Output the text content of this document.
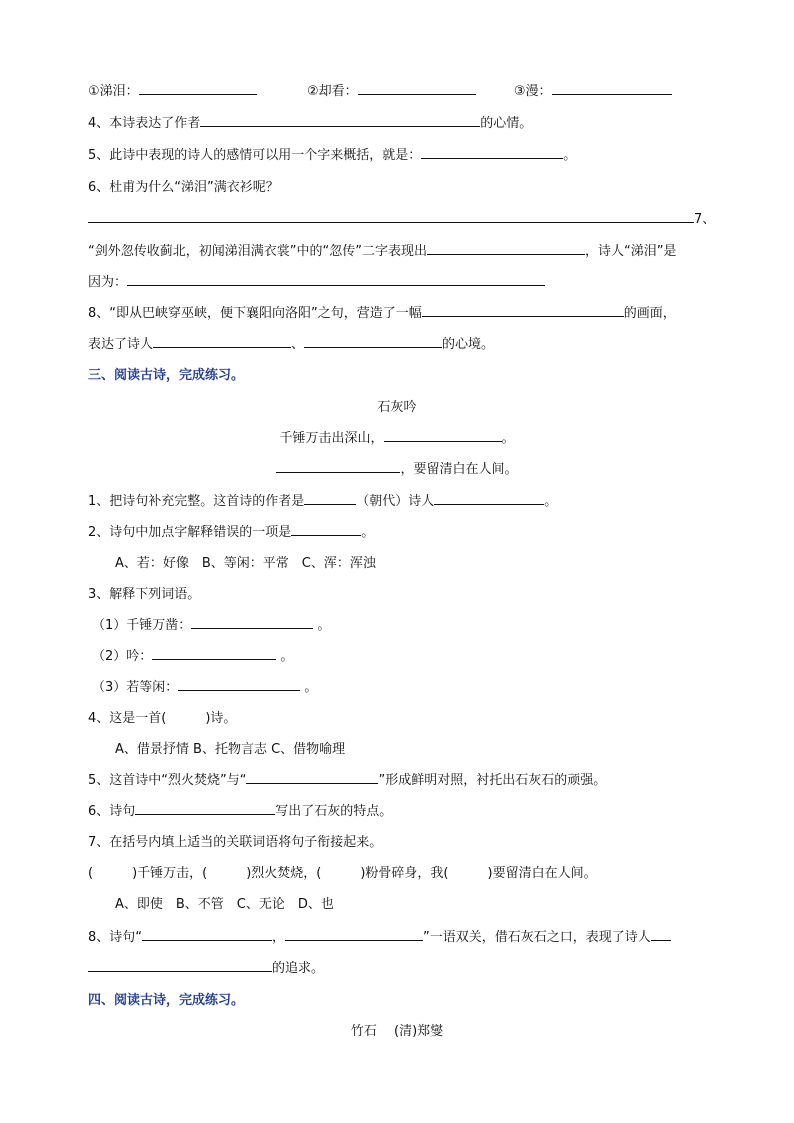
①涕泪：	②却看：	③漫：
4、本诗表达了作者	的心情。
5、此诗中表现的诗人的感情可以用一个字来概括，就是：	。
6、杜甫为什么“涕泪”满衣衫呢？
7、
“剑外忽传收蓟北，初闻涕泪满衣裳”中的“忽传”二字表现出	，诗人“涕泪”是
因为：
8、“即从巴峡穿巫峡，便下襄阳向洛阳”之句，营造了一幅	的画面，
表达了诗人	、	的心境。
三、阅读古诗，完成练习。
石灰吟
千锤万击出深山，	。
，要留清白在人间。
1、把诗句补充完整。这首诗的作者是	（朝代）诗人	。
2、诗句中加点字解释错误的一项是	。
A、若：好像　B、等闲：平常　C、浑：浑浊
3、解释下列词语。
（1）千锤万凿：	。
（2）吟：	。
（3）若等闲：	。
4、这是一首(　　　)诗。
A、借景抒情 B、托物言志 C、借物喻理
5、这首诗中“烈火焚烧”与“	”形成鲜明对照，衬托出石灰石的顽强。
6、诗句	写出了石灰的特点。
7、在括号内填上适当的关联词语将句子衔接起来。
(　　　)千锤万击，(　　　)烈火焚烧，(　　　)粉骨碎身，我(　　　)要留清白在人间。
A、即使　B、不管　C、无论　D、也
8、诗句“	，	”一语双关，借石灰石之口，表现了诗人
的追求。
四、阅读古诗，完成练习。
竹石　 (清)郑燮
